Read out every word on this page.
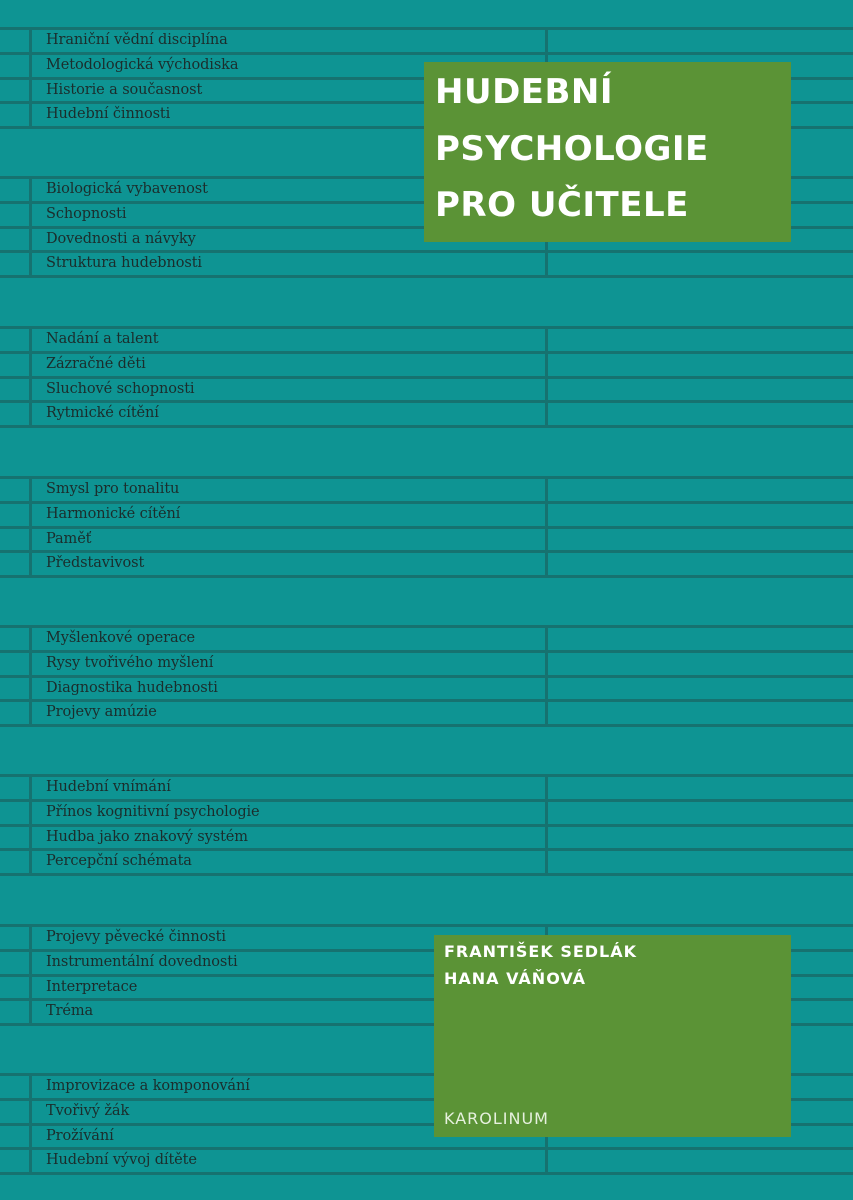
Hraniční vědní disciplína
Metodologická východiska
Historie a současnost
Hudební činnosti
Biologická vybavenost
Schopnosti
Dovednosti a návyky
Struktura hudebnosti
Nadání a talent
Zázračné děti
Sluchové schopnosti
Rytmické cítění
Smysl pro tonalitu
Harmonické cítění
Paměť
Představivost
Myšlenkové operace
Rysy tvořivého myšlení
Diagnostika hudebnosti
Projevy amúzie
Hudební vnímání
Přínos kognitivní psychologie
Hudba jako znakový systém
Percepční schémata
Projevy pěvecké činnosti
Instrumentální dovednosti
Interpretace
Tréma
Improvizace a komponování
Tvořivý žák
Prožívání
Hudební vývoj dítěte
HUDEBNÍ
PSYCHOLOGIE
PRO UČITELE
FRANTIŠEK SEDLÁK
HANA VÁŇOVÁ
KAROLINUM
